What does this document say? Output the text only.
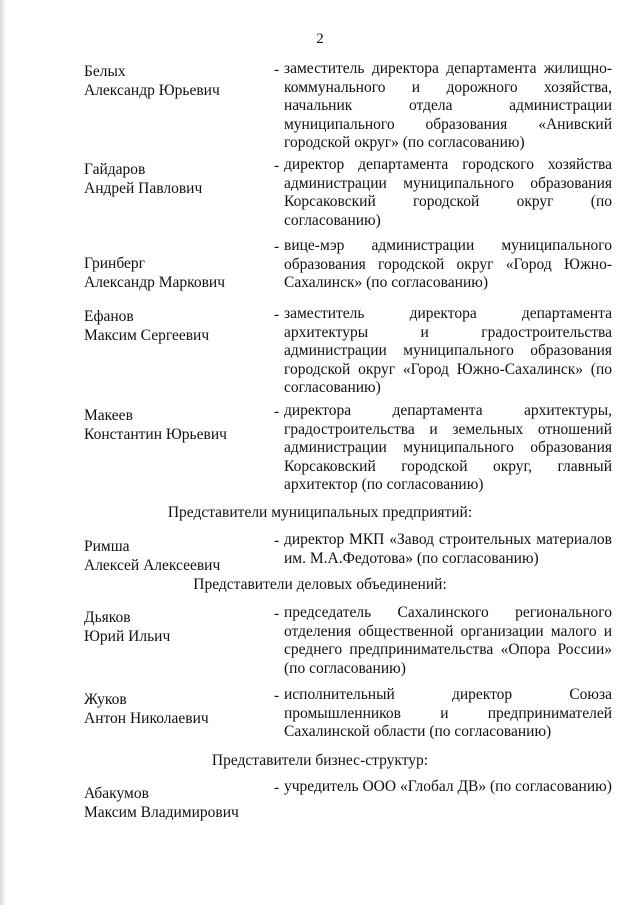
2
Белых
Александр Юрьевич
- заместитель директора департамента жилищно-
коммунального и дорожного хозяйства,
начальник отдела администрации
муниципального образования «Анивский
городской округ» (по согласованию)
Гайдаров
Андрей Павлович
- директор департамента городского хозяйства
администрации муниципального образования
Корсаковский городской округ (по
согласованию)
Гринберг
Александр Маркович
- вице-мэр администрации муниципального
образования городской округ «Город Южно-
Сахалинск» (по согласованию)
Ефанов
Максим Сергеевич
- заместитель директора департамента
архитектуры и градостроительства
администрации муниципального образования
городской округ «Город Южно-Сахалинск» (по
согласованию)
Макеев
Константин Юрьевич
- директора департамента архитектуры,
градостроительства и земельных отношений
администрации муниципального образования
Корсаковский городской округ, главный
архитектор (по согласованию)
Представители муниципальных предприятий:
Римша
Алексей Алексеевич
- директор МКП «Завод строительных материалов
им. М.А.Федотова» (по согласованию)
Представители деловых объединений:
Дьяков
Юрий Ильич
- председатель Сахалинского регионального
отделения общественной организации малого и
среднего предпринимательства «Опора России»
(по согласованию)
Жуков
Антон Николаевич
- исполнительный директор Союза
промышленников и предпринимателей
Сахалинской области (по согласованию)
Представители бизнес-структур:
Абакумов
Максим Владимирович
- учредитель ООО «Глобал ДВ» (по согласованию)
